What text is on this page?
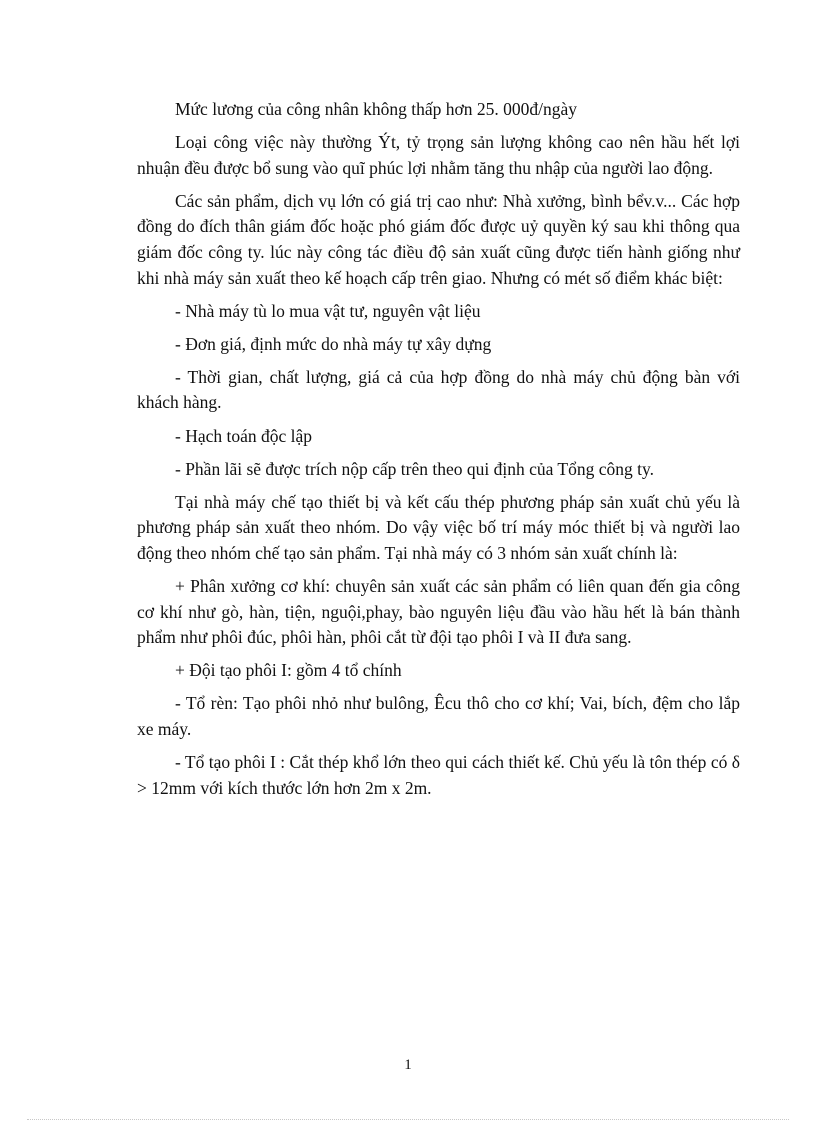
Mức lương của công nhân không thấp hơn 25. 000đ/ngày

Loại công việc này thường Ýt, tỷ trọng sản lượng không cao nên hầu hết lợi nhuận đều được bổ sung vào quĩ phúc lợi nhằm tăng thu nhập của người lao động.

Các sản phẩm, dịch vụ lớn có giá trị cao như: Nhà xưởng, bình bểv.v... Các hợp đồng do đích thân giám đốc hoặc phó giám đốc được uỷ quyền ký sau khi thông qua giám đốc công ty. lúc này công tác điều độ sản xuất cũng được tiến hành giống như khi nhà máy sản xuất theo kế hoạch cấp trên giao. Nhưng có mét số điểm khác biệt:

- Nhà máy tù lo mua vật tư, nguyên vật liệu

- Đơn giá, định mức do nhà máy tự xây dựng

- Thời gian, chất lượng, giá cả của hợp đồng do nhà máy chủ động bàn với khách hàng.

- Hạch toán độc lập

- Phần lãi sẽ được trích nộp cấp trên theo qui định của Tổng công ty.

Tại nhà máy chế tạo thiết bị và kết cấu thép phương pháp sản xuất chủ yếu là phương pháp sản xuất theo nhóm. Do vậy việc bố trí máy móc thiết bị và người lao động theo nhóm chế tạo sản phẩm. Tại nhà máy có 3 nhóm sản xuất chính là:

+ Phân xưởng cơ khí: chuyên sản xuất các sản phẩm có liên quan đến gia công cơ khí như gò, hàn, tiện, nguội,phay, bào nguyên liệu đầu vào hầu hết là bán thành phẩm như phôi đúc, phôi hàn, phôi cắt từ đội tạo phôi I và II đưa sang.

+ Đội tạo phôi I: gồm 4 tổ chính

- Tổ rèn: Tạo phôi nhỏ như bulông, Êcu thô cho cơ khí; Vai, bích, đệm cho lắp xe máy.

- Tổ tạo phôi I : Cắt thép khổ lớn theo qui cách thiết kế. Chủ yếu là tôn thép có δ > 12mm với kích thước lớn hơn 2m x 2m.

1
